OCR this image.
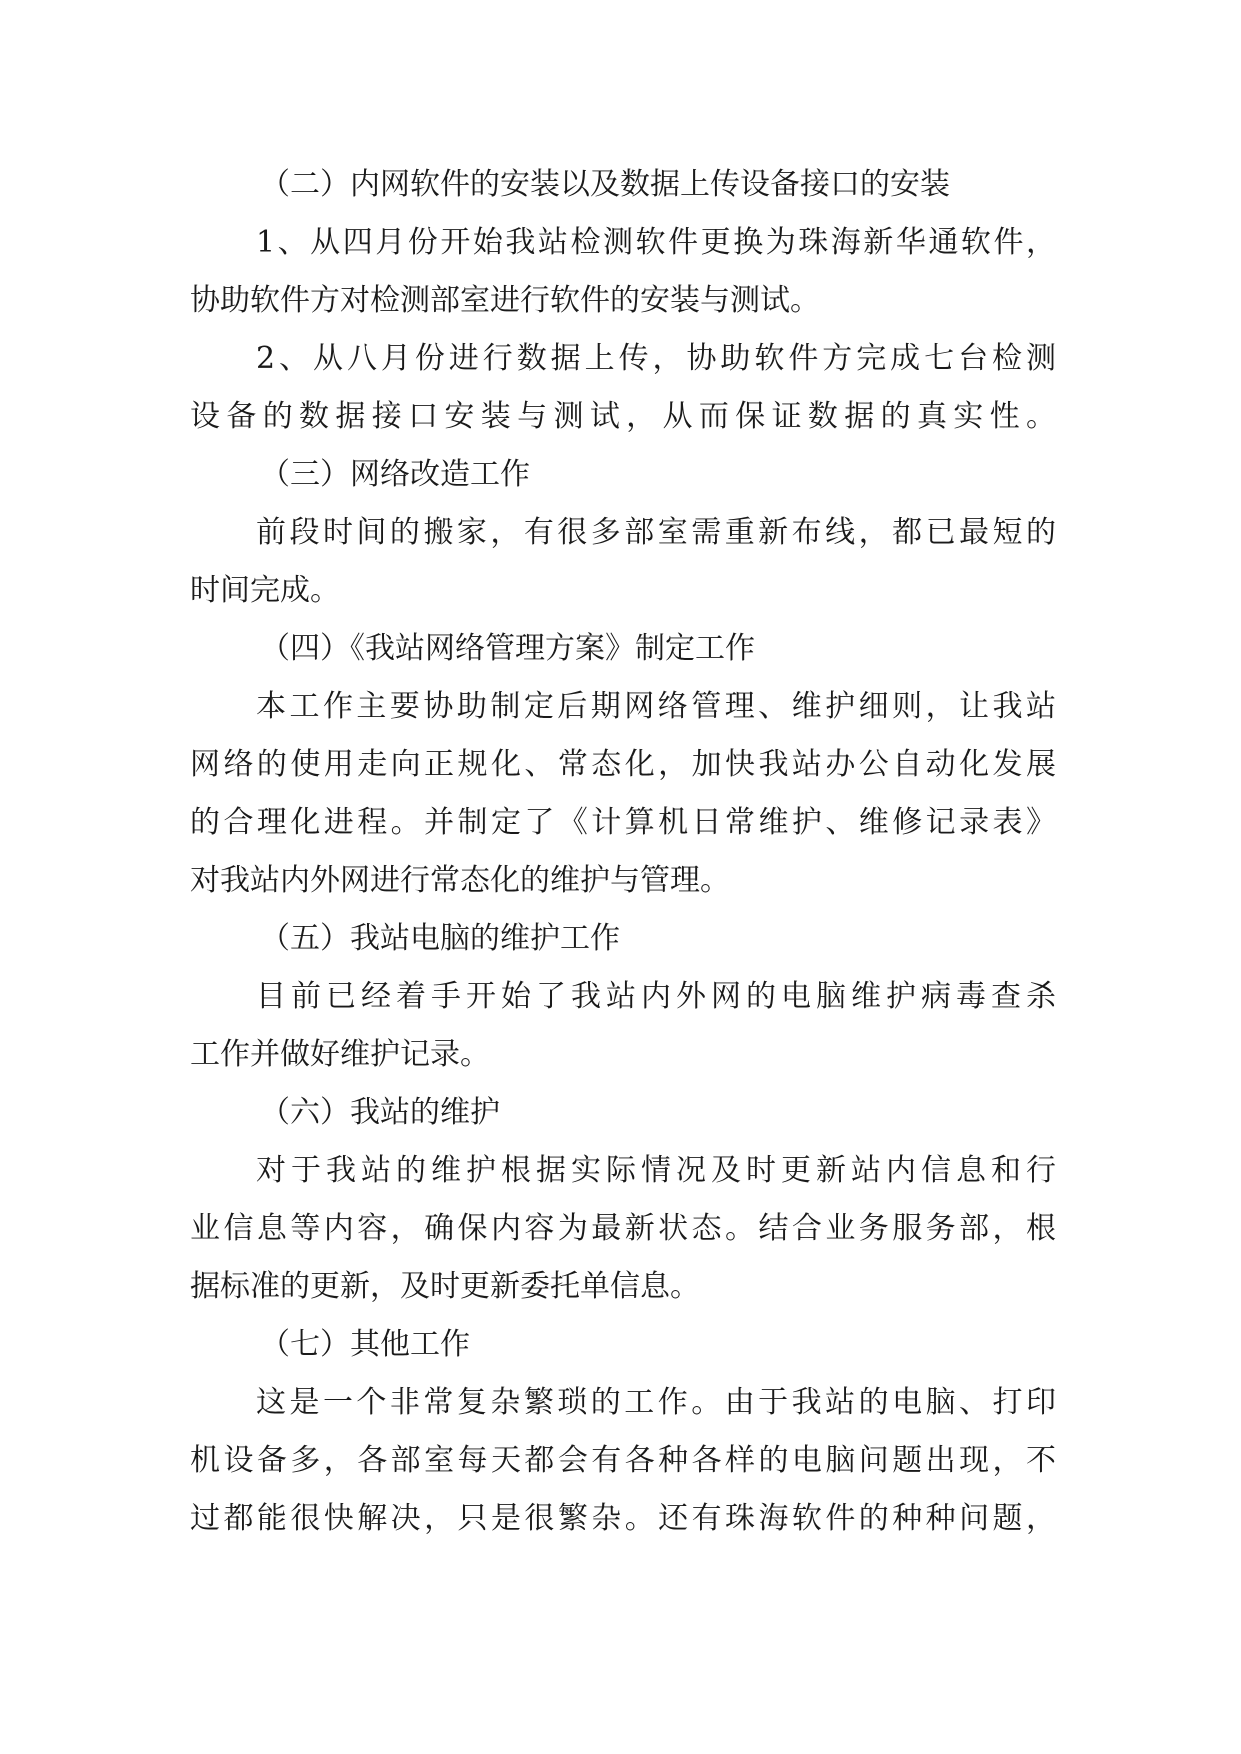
（二）内网软件的安装以及数据上传设备接口的安装
1、从四月份开始我站检测软件更换为珠海新华通软件，
协助软件方对检测部室进行软件的安装与测试。
2、从八月份进行数据上传，协助软件方完成七台检测
设备的数据接口安装与测试，从而保证数据的真实性。
（三）网络改造工作
前段时间的搬家，有很多部室需重新布线，都已最短的
时间完成。
（四）《我站网络管理方案》制定工作
本工作主要协助制定后期网络管理、维护细则，让我站
网络的使用走向正规化、常态化，加快我站办公自动化发展
的合理化进程。并制定了《计算机日常维护、维修记录表》
对我站内外网进行常态化的维护与管理。
（五）我站电脑的维护工作
目前已经着手开始了我站内外网的电脑维护病毒查杀
工作并做好维护记录。
（六）我站的维护
对于我站的维护根据实际情况及时更新站内信息和行
业信息等内容，确保内容为最新状态。结合业务服务部，根
据标准的更新，及时更新委托单信息。
（七）其他工作
这是一个非常复杂繁琐的工作。由于我站的电脑、打印
机设备多，各部室每天都会有各种各样的电脑问题出现，不
过都能很快解决，只是很繁杂。还有珠海软件的种种问题，
